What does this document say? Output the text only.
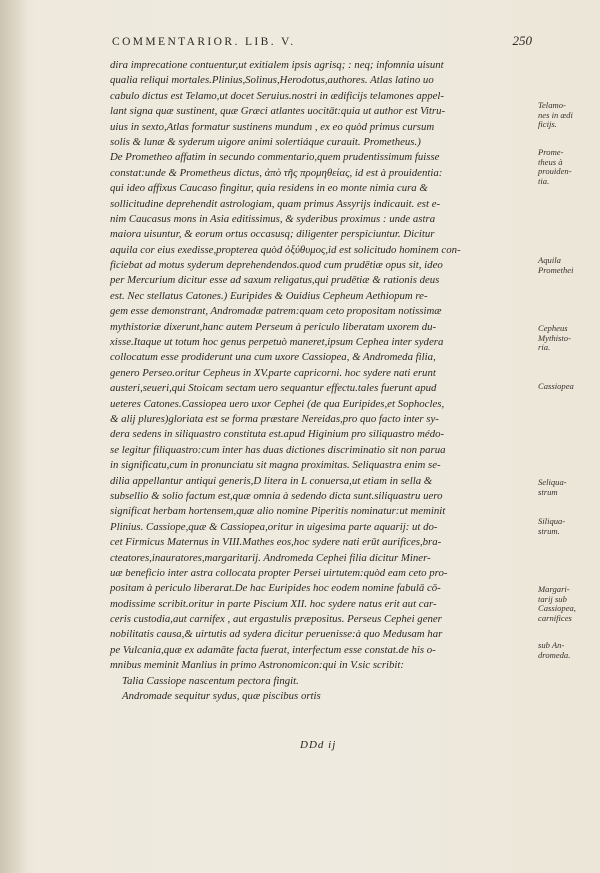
COMMENTARIOR. LIB. V.	250
dira imprecatione contuentur,ut exitialem ipsis agrisq; : neq; infomnia uisunt
qualia reliqui mortales.Plinius,Solinus,Herodotus,authores. Atlas latino uo
cabulo dictus est Telamo,ut docet Seruius.nostri in ædificijs telamones appel-
lant signa quæ sustinent, quæ Græci atlantes uocitāt:quia ut author est Vitru-
uius in sexto,Atlas formatur sustinens mundum , ex eo quòd primus cursum
solis & lunæ & syderum uigore animi solertiáque curauit. Prometheus.)
De Prometheo affatim in secundo commentario,quem prudentissimum fuisse
constat:unde & Prometheus dictus, ἀπὸ τῆς προμηθείας, id est à prouidentia:
qui ideo affixus Caucaso fingitur, quia residens in eo monte nimia cura &
sollicitudine deprehendit astrologiam, quam primus Assyrijs indicauit. est e-
nim Caucasus mons in Asia editissimus, & syderibus proximus : unde astra
maiora uisuntur, & eorum ortus occasusq; diligenter perspiciuntur. Dicitur
aquila cor eius exedisse,propterea quòd ὀξύθυμος,id est solicitudo hominem con-
ficiebat ad motus syderum deprehendendos.quod cum prudētiæ opus sit, ideo
per Mercurium dicitur esse ad saxum religatus,qui prudētiæ & rationis deus
est. Nec stellatus Catones.) Euripides & Ouidius Cepheum Aethiopum re-
gem esse demonstrant, Andromadæ patrem:quam ceto propositam notissimæ
mythistoriæ dixerunt,hanc autem Perseum à periculo liberatam uxorem du-
xisse.Itaque ut totum hoc genus perpetuò maneret,ipsum Cephea inter sydera
collocatum esse prodiderunt una cum uxore Cassiopea, & Andromeda filia,
genero Perseo.oritur Cepheus in XV.parte capricorni. hoc sydere nati erunt
austeri,seueri,qui Stoicam sectam uero sequantur effectu.tales fuerunt apud
ueteres Catones.Cassiopea uero uxor Cephei (de qua Euripides,et Sophocles,
& alij plures)gloriata est se forma præstare Nereidas,pro quo facto inter sy-
dera sedens in siliquastro constituta est.apud Higinium pro siliquastro médo-
se legitur filiquastro:cum inter has duas dictiones discriminatio sit non parua
in significatu,cum in pronunciatu sit magna proximitas. Seliquastra enim se-
dilia appellantur antiqui generis,D litera in L conuersa,ut etiam in sella &
subsellio & solio factum est,quæ omnia à sedendo dicta sunt.siliquastru uero
significat herbam hortensem,quæ alio nomine Piperitis nominatur:ut meminit
Plinius. Cassiope,quæ & Cassiopea,oritur in uigesima parte aquarij: ut do-
cet Firmicus Maternus in VIII.Mathes eos,hoc sydere nati erūt aurifices,bra-
cteatores,inauratores,margaritarij. Andromeda Cephei filia dicitur Miner-
uæ beneficio inter astra collocata propter Persei uirtutem:quòd eam ceto pro-
positam à periculo liberarat.De hac Euripides hoc eodem nomine fabulā cō-
modissime scribit.oritur in parte Piscium XII. hoc sydere natus erit aut car-
ceris custodia,aut carnifex , aut ergastulis præpositus. Perseus Cephei gener
nobilitatis causa,& uirtutis ad sydera dicitur peruenisse:à quo Medusam har
pe Vulcania,quæ ex adamāte facta fuerat, interfectum esse constat.de his o-
mnibus meminit Manlius in primo Astronomicon:qui in V.sic scribit:
Talia Cassiope nascentum pectora fingit.
Andromade sequitur sydus, quæ piscibus ortis
Telamo-
nes in ædi
ficijs.
Prome-
theus à
prouiden-
tia.
Aquila
Promethei
Cepheus
Mythisto-
ria.
Cassiopea
Seliqua-
strum
Siliqua-
strum.
Margari-
tarij sub
Cassiopea,
carnifices
sub An-
dromeda.
DDd ij
